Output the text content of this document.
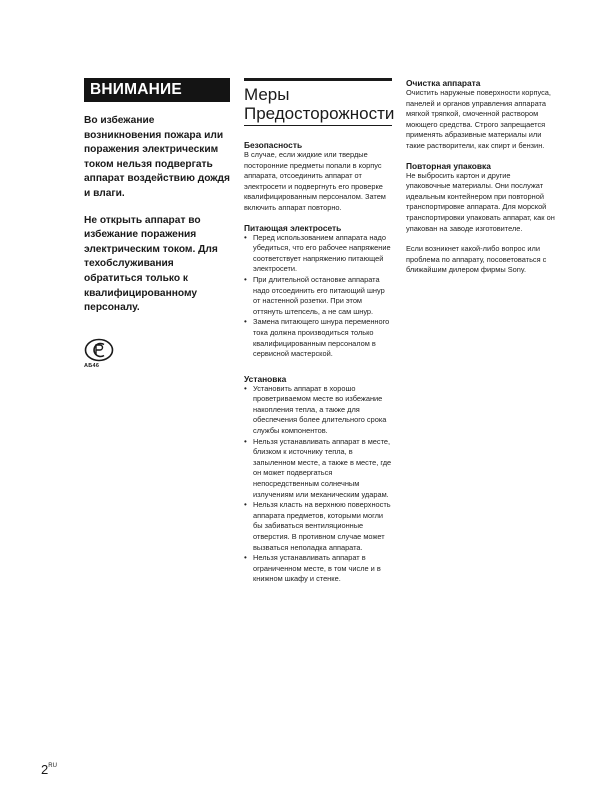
ВНИМАНИЕ
Во избежание возникновения пожара или поражения электрическим током нельзя подвергать аппарат воздействию дождя и влаги.
Не открыть аппарат во избежание поражения электрическим током. Для техобслуживания обратиться только к квалифицированному персоналу.
АБ46
Меры
Предосторожности
Безопасность
В случае, если жидкие или твердые посторонние предметы попали в корпус аппарата, отсоединить аппарат от электросети и подвергнуть его проверке квалифицированным персоналом. Затем включить аппарат повторно.
Питающая электросеть
• Перед использованием аппарата надо убедиться, что его рабочее напряжение соответствует напряжению питающей электросети.
• При длительной остановке аппарата надо отсоединить его питающий шнур от настенной розетки. При этом оттянуть штепсель, а не сам шнур.
• Замена питающего шнура переменного тока должна производиться только квалифицированным персоналом в сервисной мастерской.
Установка
• Установить аппарат в хорошо проветриваемом месте во избежание накопления тепла, а также для обеспечения более длительного срока службы компонентов.
• Нельзя устанавливать аппарат в месте, близком к источнику тепла, в запыленном месте, а также в месте, где он может подвергаться непосредственным солнечным излучениям или механическим ударам.
• Нельзя класть на верхнюю поверхность аппарата предметов, которыми могли бы забиваться вентиляционные отверстия. В противном случае может вызваться неполадка аппарата.
• Нельзя устанавливать аппарат в ограниченном месте, в том числе и в книжном шкафу и стенке.
Очистка аппарата
Очистить наружные поверхности корпуса, панелей и органов управления аппарата мягкой тряпкой, смоченной раствором моющего средства. Строго запрещается применять абразивные материалы или такие растворители, как спирт и бензин.
Повторная упаковка
Не выбросить картон и другие упаковочные материалы. Они послужат идеальным контейнером при повторной транспортировке аппарата. Для морской транспортировки упаковать аппарат, как он упакован на заводе изготовителе.
Если возникнет какой-либо вопрос или проблема по аппарату, посоветоваться с ближайшим дилером фирмы Sony.
$2^{RU}$
